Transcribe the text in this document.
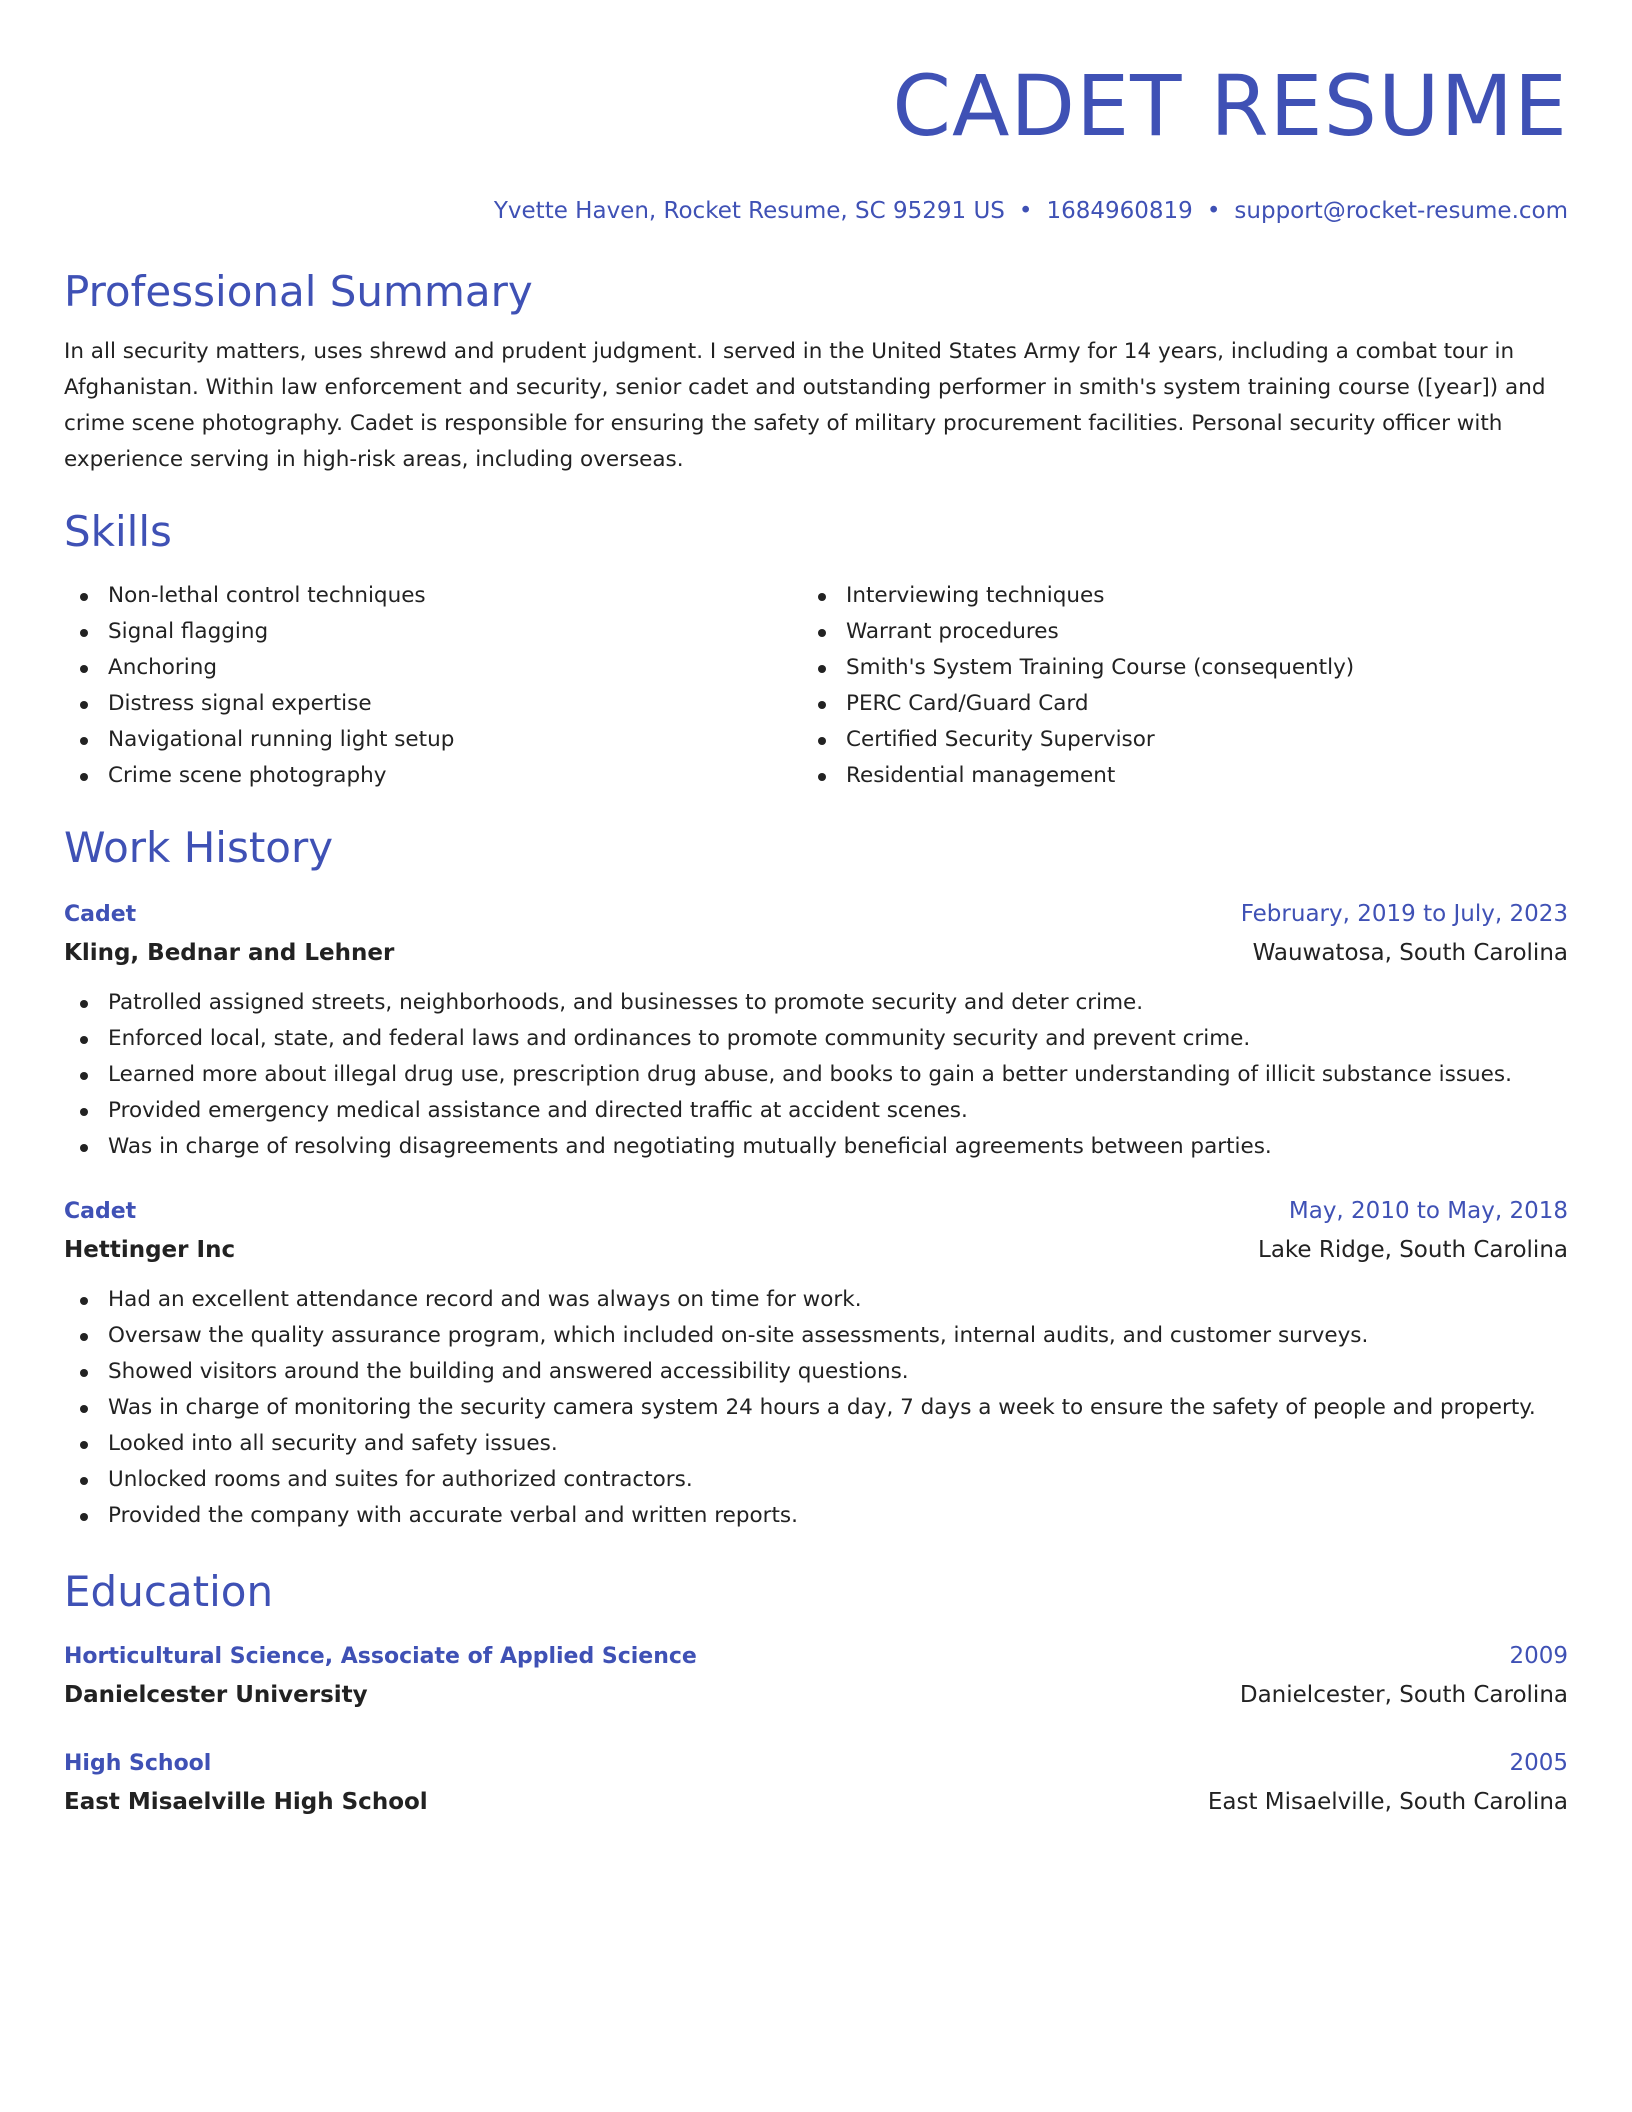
CADET RESUME
Yvette Haven, Rocket Resume, SC 95291 US • 1684960819 • support@rocket-resume.com
Professional Summary
In all security matters, uses shrewd and prudent judgment. I served in the United States Army for 14 years, including a combat tour in Afghanistan. Within law enforcement and security, senior cadet and outstanding performer in smith's system training course ([year]) and crime scene photography. Cadet is responsible for ensuring the safety of military procurement facilities. Personal security officer with experience serving in high-risk areas, including overseas.
Skills
Non-lethal control techniques
Signal flagging
Anchoring
Distress signal expertise
Navigational running light setup
Crime scene photography
Interviewing techniques
Warrant procedures
Smith's System Training Course (consequently)
PERC Card/Guard Card
Certified Security Supervisor
Residential management
Work History
Cadet	February, 2019 to July, 2023
Kling, Bednar and Lehner	Wauwatosa, South Carolina
Patrolled assigned streets, neighborhoods, and businesses to promote security and deter crime.
Enforced local, state, and federal laws and ordinances to promote community security and prevent crime.
Learned more about illegal drug use, prescription drug abuse, and books to gain a better understanding of illicit substance issues.
Provided emergency medical assistance and directed traffic at accident scenes.
Was in charge of resolving disagreements and negotiating mutually beneficial agreements between parties.
Cadet	May, 2010 to May, 2018
Hettinger Inc	Lake Ridge, South Carolina
Had an excellent attendance record and was always on time for work.
Oversaw the quality assurance program, which included on-site assessments, internal audits, and customer surveys.
Showed visitors around the building and answered accessibility questions.
Was in charge of monitoring the security camera system 24 hours a day, 7 days a week to ensure the safety of people and property.
Looked into all security and safety issues.
Unlocked rooms and suites for authorized contractors.
Provided the company with accurate verbal and written reports.
Education
Horticultural Science, Associate of Applied Science	2009
Danielcester University	Danielcester, South Carolina
High School	2005
East Misaelville High School	East Misaelville, South Carolina
